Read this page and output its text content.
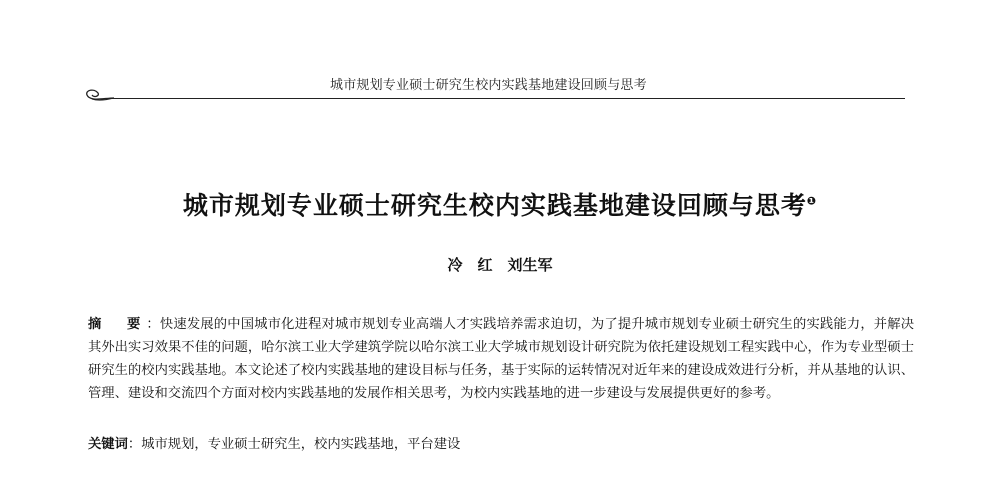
城市规划专业硕士研究生校内实践基地建设回顾与思考
城市规划专业硕士研究生校内实践基地建设回顾与思考$^❶$
冷　红　刘生军
摘　要：快速发展的中国城市化进程对城市规划专业高端人才实践培养需求迫切，为了提升城市规划专业硕士研究生的实践能力，并解决其外出实习效果不佳的问题，哈尔滨工业大学建筑学院以哈尔滨工业大学城市规划设计研究院为依托建设规划工程实践中心，作为专业型硕士研究生的校内实践基地。本文论述了校内实践基地的建设目标与任务，基于实际的运转情况对近年来的建设成效进行分析，并从基地的认识、管理、建设和交流四个方面对校内实践基地的发展作相关思考，为校内实践基地的进一步建设与发展提供更好的参考。
关键词：城市规划，专业硕士研究生，校内实践基地，平台建设
